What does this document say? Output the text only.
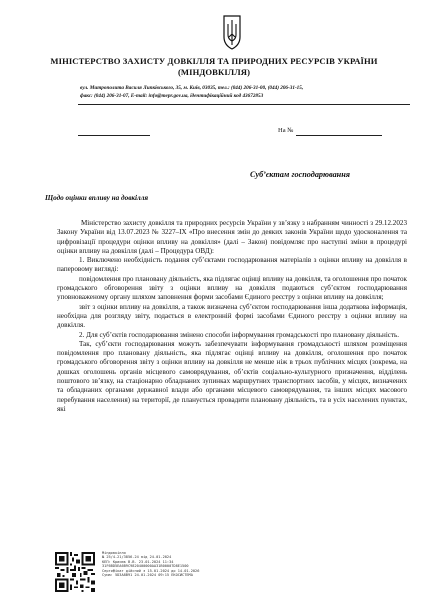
МІНІСТЕРСТВО ЗАХИСТУ ДОВКІЛЛЯ ТА ПРИРОДНИХ РЕСУРСІВ УКРАЇНИ
(МІНДОВКІЛЛЯ)
вул. Митрополита Василя Липківського, 35, м. Київ, 03035, тел.: (044) 206-31-00, (044) 206-31-15,
факс: (044) 206-31-07, E-mail: info@mepr.gov.ua, ідентифікаційний код 43672853
На №
Суб’єктам господарювання
Щодо оцінки впливу на довкілля

Міністерство захисту довкілля та природних ресурсів України у зв’язку з набранням чинності з 29.12.2023 Закону України від 13.07.2023 № 3227–IX «Про внесення змін до деяких законів України щодо удосконалення та цифровізації процедури оцінки впливу на довкілля» (далі – Закон) повідомляє про наступні зміни в процедурі оцінки впливу на довкілля (далі – Процедура ОВД):

1. Виключено необхідність подання суб’єктами господарювання матеріалів з оцінки впливу на довкілля в паперовому вигляді:

повідомлення про плановану діяльність, яка підлягає оцінці впливу на довкілля, та оголошення про початок громадського обговорення звіту з оцінки впливу на довкілля подаються суб’єктом господарювання уповноваженому органу шляхом заповнення форми засобами Єдиного реєстру з оцінки впливу на довкілля;

звіт з оцінки впливу на довкілля, а також визначена суб’єктом господарювання інша додаткова інформація, необхідна для розгляду звіту, подається в електронній формі засобами Єдиного реєстру з оцінки впливу на довкілля.

2. Для суб’єктів господарювання змінено способи інформування громадськості про плановану діяльність.

Так, суб’єкти господарювання можуть забезпечувати інформування громадськості шляхом розміщення повідомлення про плановану діяльність, яка підлягає оцінці впливу на довкілля, оголошення про початок громадського обговорення звіту з оцінки впливу на довкілля не менше ніж в трьох публічних місцях (зокрема, на дошках оголошень органів місцевого самоврядування, об’єктів соціально-культурного призначення, відділень поштового зв’язку, на стаціонарно обладнаних зупинках маршрутних транспортних засобів, у місцях, визначених та обладнаних органами державної влади або органами місцевого самоврядування, та інших місцях масового перебування населення) на території, де планується провадити плановану діяльність, та в усіх населених пунктах, які

Міндовкілля
№ 25/4-21/3856-24 від 24.01.2024
КЕП: Крисюк В.В. 23.01.2024 11:34
31F6BD5EA6B9C9820400000AA31B00007D8E1500
Сертифікат дійсний з 15.01.2024 до 14.01.2026
Сума: 5D3A8B91 24.01.2024 09:15 ЕКОСИСТЕМА
